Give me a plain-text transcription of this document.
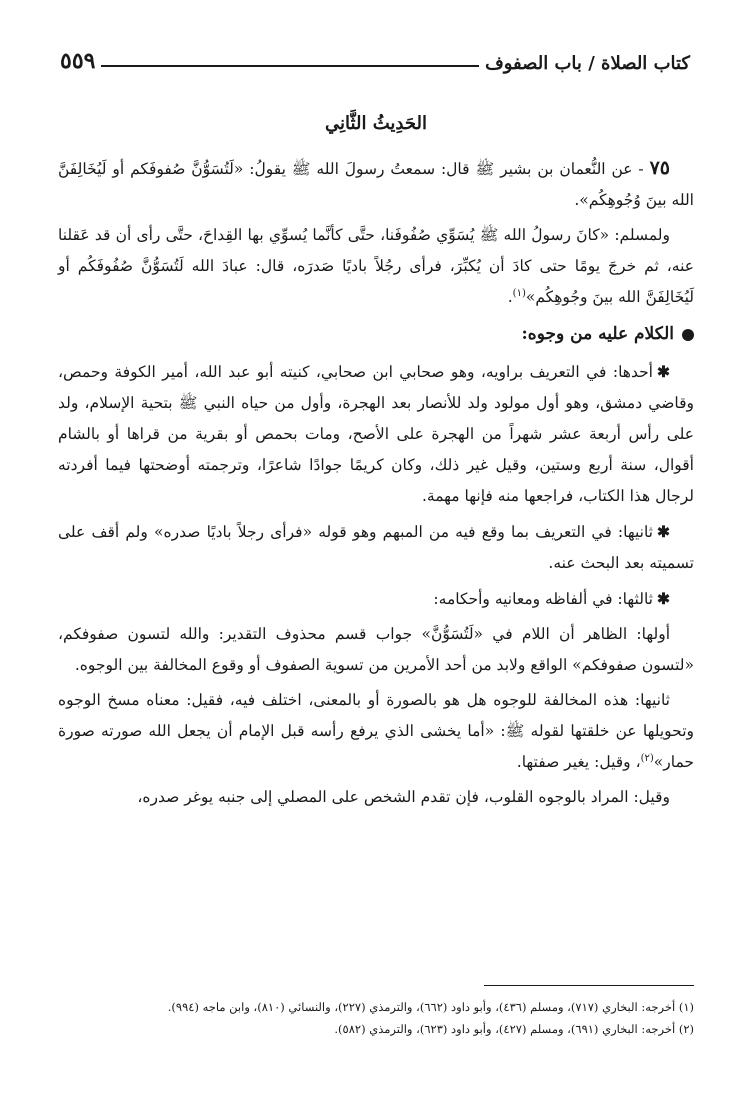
كتاب الصلاة / باب الصفوف
٥٥٩
الحَدِيثُ الثَّانِي

٧٥ - عن النُّعمان بن بشير ﷺ قال: سمعتُ رسولَ الله ﷺ يقولُ: «لَتُسَوُّنَّ صُفوفَكم أو لَيُخَالِفَنَّ الله بينَ وُجُوهِكُم».

ولمسلم: «كانَ رسولُ الله ﷺ يُسَوِّي صُفُوفَنا، حتَّى كأنَّما يُسوِّي بها القِداحَ، حتَّى رأى أن قد عَقلنا عنه، ثم خرجَ يومًا حتى كادَ أن يُكبِّرَ، فرأى رجُلاً باديًا صَدرَه، قال: عبادَ الله لَتُسَوُّنَّ صُفُوفَكُم أو لَيُخَالِفَنَّ الله بينَ وجُوهِكُم»$^{(١)}$.

الكلام عليه من وجوه:

✱أحدها: في التعريف براويه، وهو صحابي ابن صحابي، كنيته أبو عبد الله، أمير الكوفة وحمص، وقاضي دمشق، وهو أول مولود ولد للأنصار بعد الهجرة، وأول من حياه النبي ﷺ بتحية الإسلام، ولد على رأس أربعة عشر شهراً من الهجرة على الأصح، ومات بحمص أو بقرية من قراها أو بالشام أقوال، سنة أربع وستين، وقيل غير ذلك، وكان كريمًا جوادًا شاعرًا، وترجمته أوضحتها فيما أفردته لرجال هذا الكتاب، فراجعها منه فإنها مهمة.

✱ثانيها: في التعريف بما وقع فيه من المبهم وهو قوله «فرأى رجلاً باديًا صدره» ولم أقف على تسميته بعد البحث عنه.

✱ثالثها: في ألفاظه ومعانيه وأحكامه:

أولها: الظاهر أن اللام في «لَتُسَوُّنَّ» جواب قسم محذوف التقدير: والله لتسون صفوفكم، «لتسون صفوفكم» الواقع ولابد من أحد الأمرين من تسوية الصفوف أو وقوع المخالفة بين الوجوه.

ثانيها: هذه المخالفة للوجوه هل هو بالصورة أو بالمعنى، اختلف فيه، فقيل: معناه مسخ الوجوه وتحويلها عن خلقتها لقوله ﷺ: «أما يخشى الذي يرفع رأسه قبل الإمام أن يجعل الله صورته صورة حمار»$^{(٢)}$، وقيل: يغير صفتها.

وقيل: المراد بالوجوه القلوب، فإن تقدم الشخص على المصلي إلى جنبه يوغر صدره،

(١) أخرجه: البخاري (٧١٧)، ومسلم (٤٣٦)، وأبو داود (٦٦٢)، والترمذي (٢٢٧)، والنسائي (٨١٠)، وابن ماجه (٩٩٤).
(٢) أخرجه: البخاري (٦٩١)، ومسلم (٤٢٧)، وأبو داود (٦٢٣)، والترمذي (٥٨٢).
